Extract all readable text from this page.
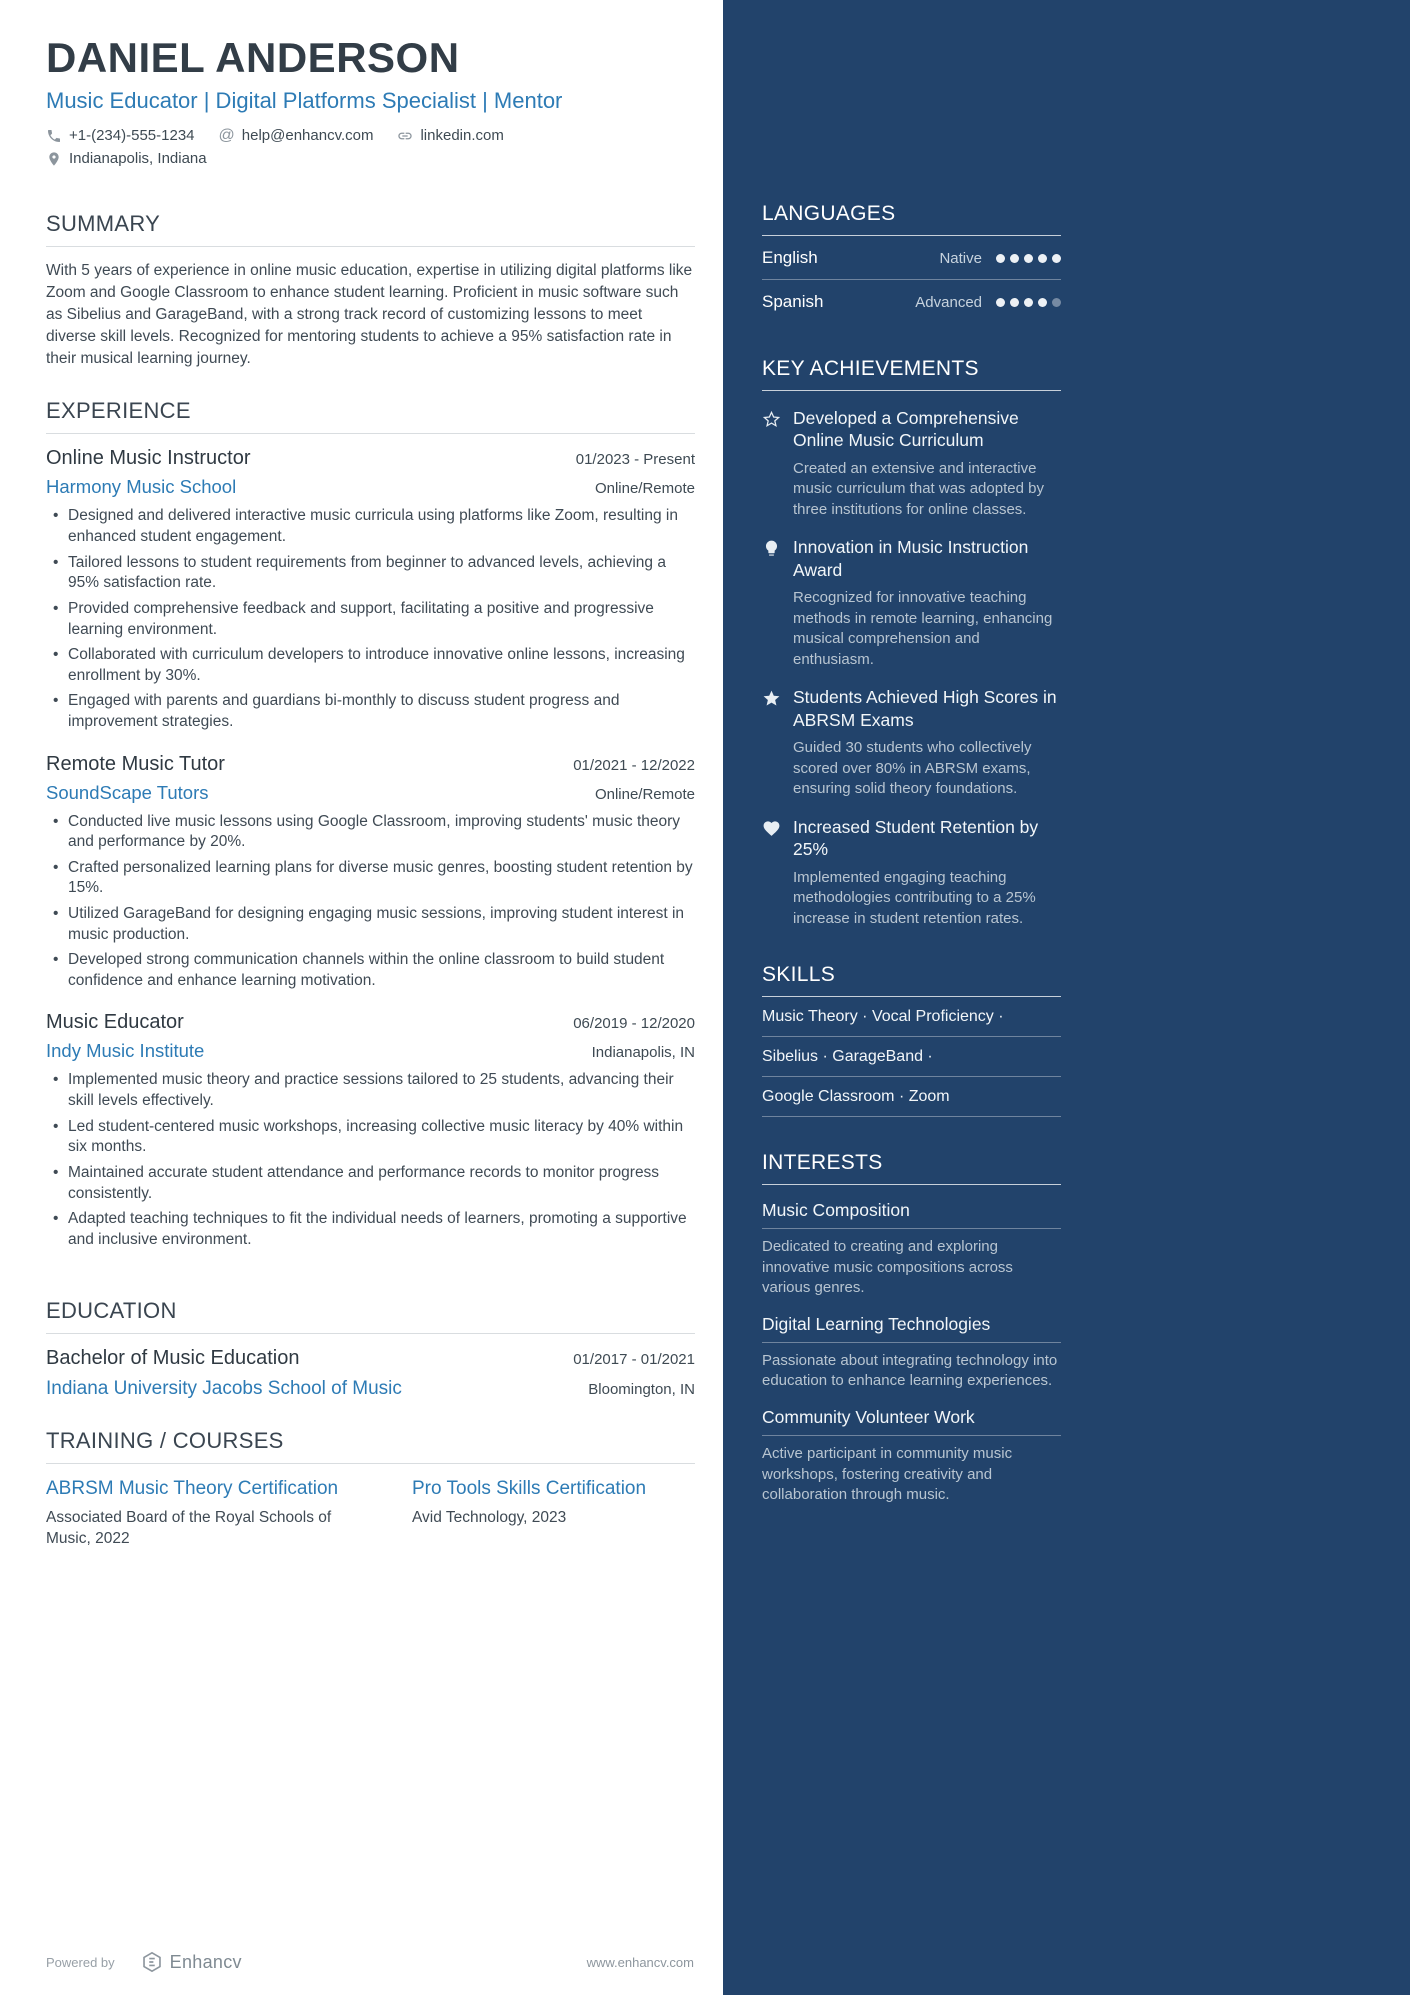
DANIEL ANDERSON
Music Educator | Digital Platforms Specialist | Mentor
+1-(234)-555-1234 @ help@enhancv.com	linkedin.com
Indianapolis, Indiana
SUMMARY

With 5 years of experience in online music education, expertise in utilizing digital platforms like Zoom and Google Classroom to enhance student learning. Proficient in music software such as Sibelius and GarageBand, with a strong track record of customizing lessons to meet diverse skill levels. Recognized for mentoring students to achieve a 95% satisfaction rate in their musical learning journey.

EXPERIENCE
Online Music Instructor	01/2023 - Present
Harmony Music School	Online/Remote
• Designed and delivered interactive music curricula using platforms like Zoom, resulting in enhanced student engagement.
• Tailored lessons to student requirements from beginner to advanced levels, achieving a 95% satisfaction rate.
• Provided comprehensive feedback and support, facilitating a positive and progressive learning environment.
• Collaborated with curriculum developers to introduce innovative online lessons, increasing enrollment by 30%.
• Engaged with parents and guardians bi-monthly to discuss student progress and improvement strategies.
Remote Music Tutor	01/2021 - 12/2022
SoundScape Tutors	Online/Remote
• Conducted live music lessons using Google Classroom, improving students' music theory and performance by 20%.
• Crafted personalized learning plans for diverse music genres, boosting student retention by 15%.
• Utilized GarageBand for designing engaging music sessions, improving student interest in music production.
• Developed strong communication channels within the online classroom to build student confidence and enhance learning motivation.
Music Educator	06/2019 - 12/2020
Indy Music Institute	Indianapolis, IN
• Implemented music theory and practice sessions tailored to 25 students, advancing their skill levels effectively.
• Led student-centered music workshops, increasing collective music literacy by 40% within six months.
• Maintained accurate student attendance and performance records to monitor progress consistently.
• Adapted teaching techniques to fit the individual needs of learners, promoting a supportive and inclusive environment.
EDUCATION
Bachelor of Music Education	01/2017 - 01/2021
Indiana University Jacobs School of Music	Bloomington, IN
TRAINING / COURSES
ABRSM Music Theory Certification
Associated Board of the Royal Schools of Music, 2022
Pro Tools Skills Certification
Avid Technology, 2023
Powered by	Enhancv	www.enhancv.com
LANGUAGES
English	Native
Spanish	Advanced
KEY ACHIEVEMENTS
Developed a Comprehensive Online Music Curriculum
Created an extensive and interactive music curriculum that was adopted by three institutions for online classes.
Innovation in Music Instruction Award
Recognized for innovative teaching methods in remote learning, enhancing musical comprehension and enthusiasm.
Students Achieved High Scores in ABRSM Exams
Guided 30 students who collectively scored over 80% in ABRSM exams, ensuring solid theory foundations.
Increased Student Retention by 25%
Implemented engaging teaching methodologies contributing to a 25% increase in student retention rates.
SKILLS
Music Theory · Vocal Proficiency ·
Sibelius · GarageBand ·
Google Classroom · Zoom
INTERESTS
Music Composition
Dedicated to creating and exploring innovative music compositions across various genres.
Digital Learning Technologies
Passionate about integrating technology into education to enhance learning experiences.
Community Volunteer Work
Active participant in community music workshops, fostering creativity and collaboration through music.
